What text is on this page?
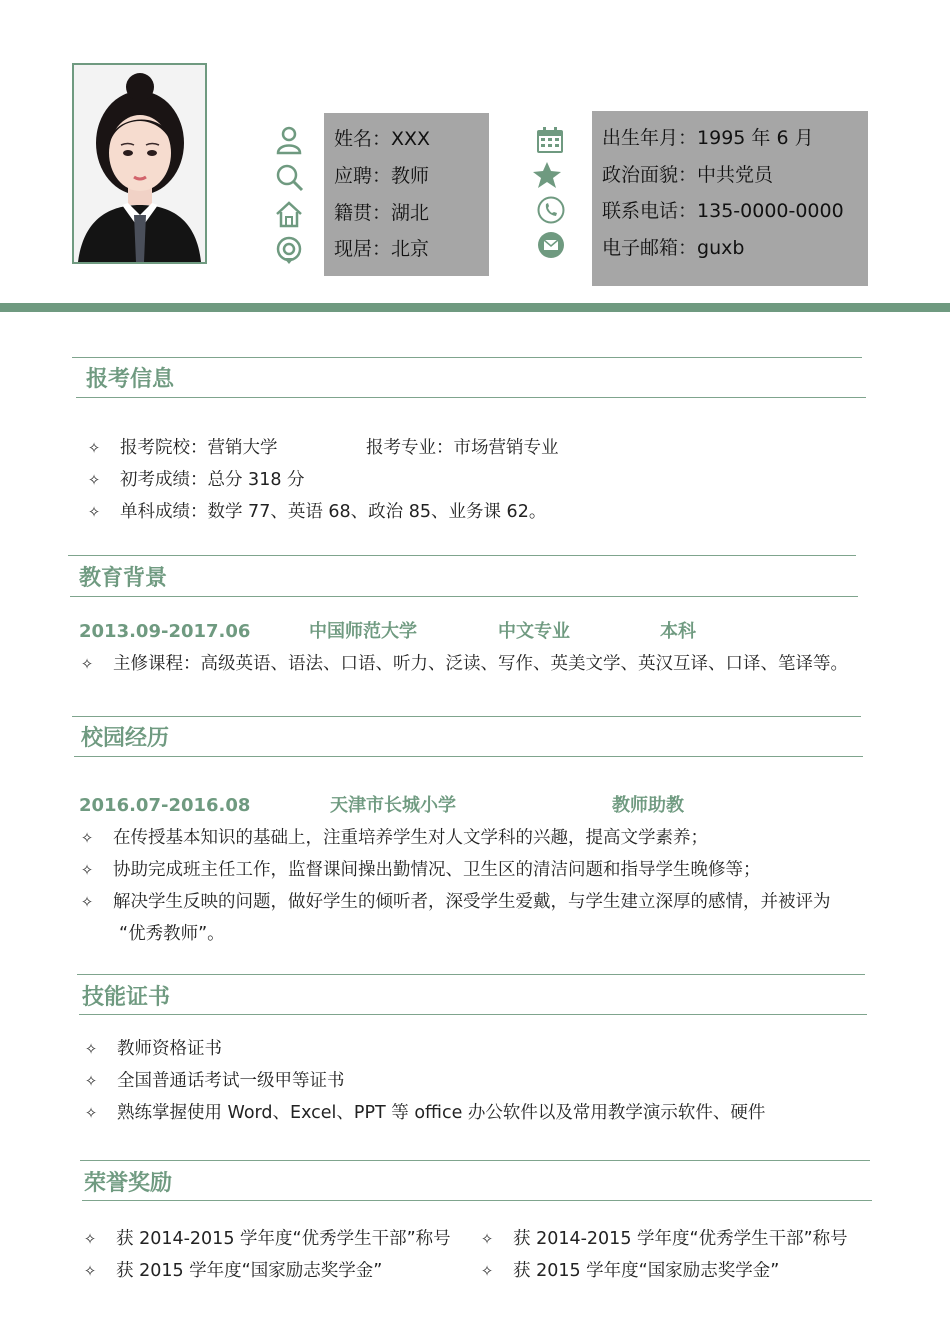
姓名：XXX
应聘：教师
籍贯：湖北
现居：北京
出生年月：1995 年 6 月
政治面貌：中共党员
联系电话：135-0000-0000
电子邮箱：guxb
报考信息
✧ 报考院校：营销大学	报考专业：市场营销专业
✧ 初考成绩：总分 318 分
✧ 单科成绩：数学 77、英语 68、政治 85、业务课 62。
教育背景
2013.09-2017.06	中国师范大学	中文专业	本科
✧ 主修课程：高级英语、语法、口语、听力、泛读、写作、英美文学、英汉互译、口译、笔译等。
校园经历
2016.07-2016.08	天津市长城小学	教师助教
✧ 在传授基本知识的基础上，注重培养学生对人文学科的兴趣，提高文学素养；
✧ 协助完成班主任工作，监督课间操出勤情况、卫生区的清洁问题和指导学生晚修等；
✧ 解决学生反映的问题，做好学生的倾听者，深受学生爱戴，与学生建立深厚的感情，并被评为
“优秀教师”。
技能证书
✧ 教师资格证书
✧ 全国普通话考试一级甲等证书
✧ 熟练掌握使用 Word、Excel、PPT 等 office 办公软件以及常用教学演示软件、硬件
荣誉奖励
✧ 获 2014-2015 学年度“优秀学生干部”称号 ✧ 获 2014-2015 学年度“优秀学生干部”称号
✧ 获 2015 学年度“国家励志奖学金”	✧ 获 2015 学年度“国家励志奖学金”
